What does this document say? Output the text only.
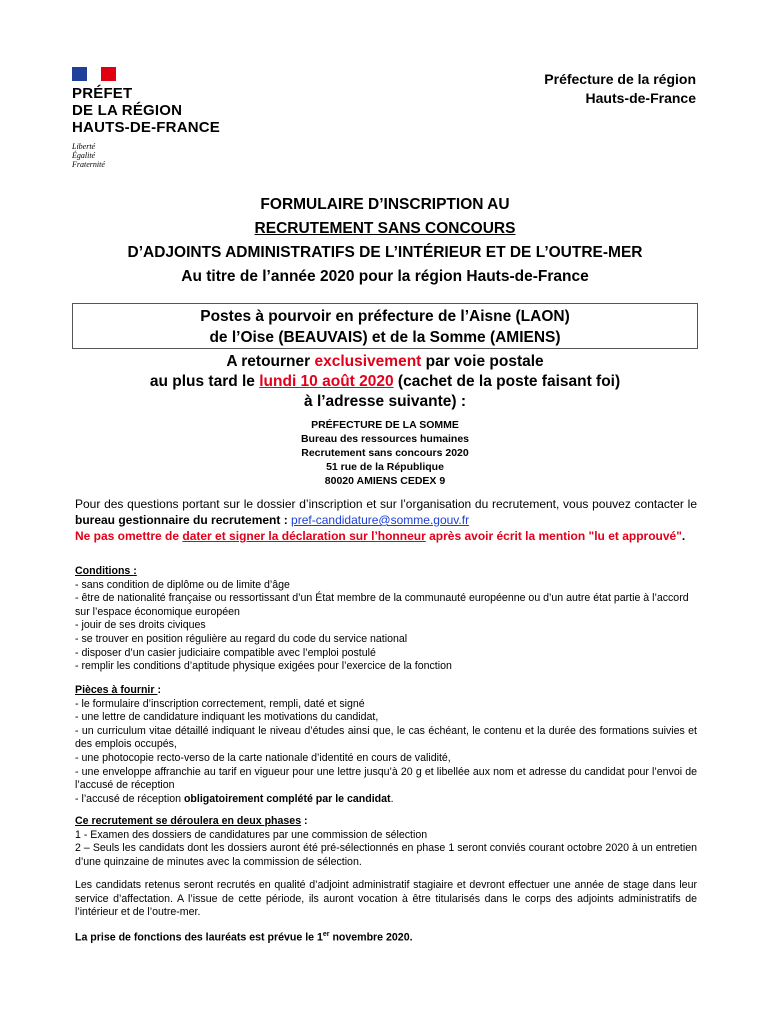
PRÉFET
DE LA RÉGION
HAUTS-DE-FRANCE
Liberté
Égalité
Fraternité
Préfecture de la région
Hauts-de-France
FORMULAIRE D’INSCRIPTION AU
RECRUTEMENT SANS CONCOURS
D’ADJOINTS ADMINISTRATIFS DE L’INTÉRIEUR ET DE L’OUTRE-MER
Au titre de l’année 2020 pour la région Hauts-de-France
Postes à pourvoir en préfecture de l’Aisne (LAON)
de l’Oise (BEAUVAIS) et de la Somme (AMIENS)
A retourner exclusivement par voie postale
au plus tard le lundi 10 août 2020 (cachet de la poste faisant foi)
à l’adresse suivante) :
PRÉFECTURE DE LA SOMME
Bureau des ressources humaines
Recrutement sans concours 2020
51 rue de la République
80020 AMIENS CEDEX 9
Pour des questions portant sur le dossier d’inscription et sur l’organisation du recrutement, vous pouvez contacter le bureau gestionnaire du recrutement : pref-candidature@somme.gouv.fr
Ne pas omettre de dater et signer la déclaration sur l’honneur après avoir écrit la mention "lu et approuvé".
Conditions :
- sans condition de diplôme ou de limite d’âge
- être de nationalité française ou ressortissant d’un État membre de la communauté européenne ou d’un autre état partie à l’accord sur l’espace économique européen
- jouir de ses droits civiques
- se trouver en position régulière au regard du code du service national
- disposer d’un casier judiciaire compatible avec l’emploi postulé
- remplir les conditions d’aptitude physique exigées pour l’exercice de la fonction
Pièces à fournir :
- le formulaire d’inscription correctement, rempli, daté et signé
- une lettre de candidature indiquant les motivations du candidat,
- un curriculum vitae détaillé indiquant le niveau d’études ainsi que, le cas échéant, le contenu et la durée des formations suivies et des emplois occupés,
- une photocopie recto-verso de la carte nationale d’identité en cours de validité,
- une enveloppe affranchie au tarif en vigueur pour une lettre jusqu’à 20 g et libellée aux nom et adresse du candidat pour l’envoi de l’accusé de réception
- l’accusé de réception obligatoirement complété par le candidat.
Ce recrutement se déroulera en deux phases :
1 - Examen des dossiers de candidatures par une commission de sélection
2 – Seuls les candidats dont les dossiers auront été pré-sélectionnés en phase 1 seront conviés courant octobre 2020 à un entretien d’une quinzaine de minutes avec la commission de sélection.
Les candidats retenus seront recrutés en qualité d’adjoint administratif stagiaire et devront effectuer une année de stage dans leur service d’affectation. A l’issue de cette période, ils auront vocation à être titularisés dans le corps des adjoints administratifs de l’intérieur et de l’outre-mer.
La prise de fonctions des lauréats est prévue le 1er novembre 2020.
